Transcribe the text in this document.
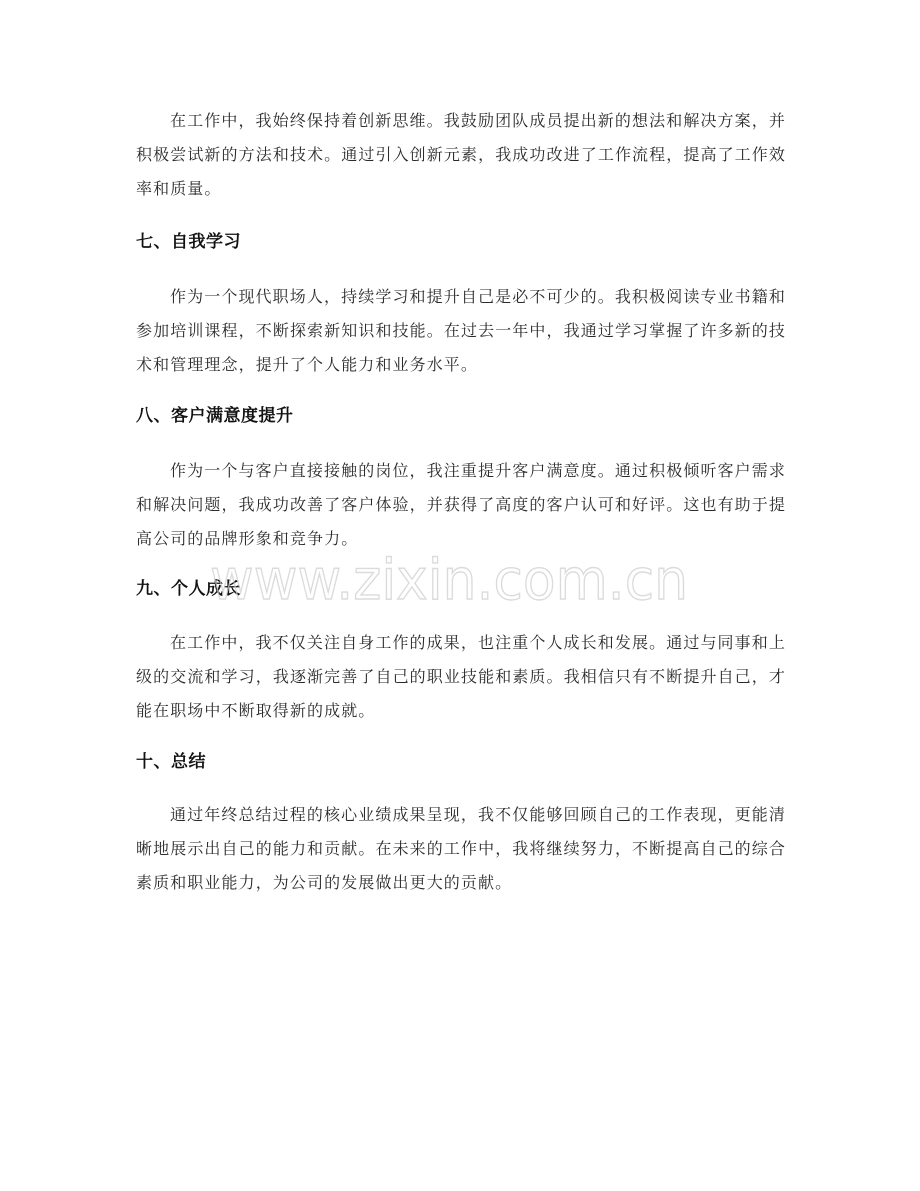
在工作中，我始终保持着创新思维。我鼓励团队成员提出新的想法和解决方案，并积极尝试新的方法和技术。通过引入创新元素，我成功改进了工作流程，提高了工作效率和质量。

七、自我学习

作为一个现代职场人，持续学习和提升自己是必不可少的。我积极阅读专业书籍和参加培训课程，不断探索新知识和技能。在过去一年中，我通过学习掌握了许多新的技术和管理理念，提升了个人能力和业务水平。

八、客户满意度提升

作为一个与客户直接接触的岗位，我注重提升客户满意度。通过积极倾听客户需求和解决问题，我成功改善了客户体验，并获得了高度的客户认可和好评。这也有助于提高公司的品牌形象和竞争力。

九、个人成长

在工作中，我不仅关注自身工作的成果，也注重个人成长和发展。通过与同事和上级的交流和学习，我逐渐完善了自己的职业技能和素质。我相信只有不断提升自己，才能在职场中不断取得新的成就。

十、总结

通过年终总结过程的核心业绩成果呈现，我不仅能够回顾自己的工作表现，更能清晰地展示出自己的能力和贡献。在未来的工作中，我将继续努力，不断提高自己的综合素质和职业能力，为公司的发展做出更大的贡献。

www.zixin.com.cn
